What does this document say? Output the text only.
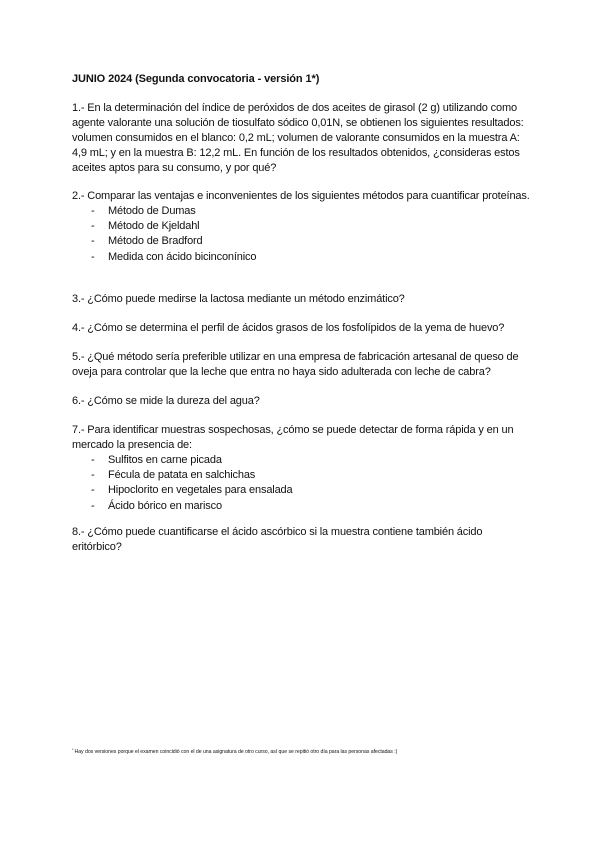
JUNIO 2024 (Segunda convocatoria - versión 1*)

1.- En la determinación del índice de peróxidos de dos aceites de girasol (2 g) utilizando como agente valorante una solución de tiosulfato sódico 0,01N, se obtienen los siguientes resultados: volumen consumidos en el blanco: 0,2 mL; volumen de valorante consumidos en la muestra A: 4,9 mL; y en la muestra B: 12,2 mL. En función de los resultados obtenidos, ¿consideras estos aceites aptos para su consumo, y por qué?

2.- Comparar las ventajas e inconvenientes de los siguientes métodos para cuantificar proteínas.

- Método de Dumas
- Método de Kjeldahl
- Método de Bradford
- Medida con ácido bicinconínico

3.- ¿Cómo puede medirse la lactosa mediante un método enzimático?

4.- ¿Cómo se determina el perfil de ácidos grasos de los fosfolípidos de la yema de huevo?

5.- ¿Qué método sería preferible utilizar en una empresa de fabricación artesanal de queso de oveja para controlar que la leche que entra no haya sido adulterada con leche de cabra?

6.- ¿Cómo se mide la dureza del agua?

7.- Para identificar muestras sospechosas, ¿cómo se puede detectar de forma rápida y en un mercado la presencia de:

- Sulfitos en carne picada
- Fécula de patata en salchichas
- Hipoclorito en vegetales para ensalada
- Ácido bórico en marisco

8.- ¿Cómo puede cuantificarse el ácido ascórbico si la muestra contiene también ácido eritórbico?

*Hay dos versiones porque el examen coincidió con el de una asignatura de otro curso, así que se repitió otro día para las personas afectadas :)
